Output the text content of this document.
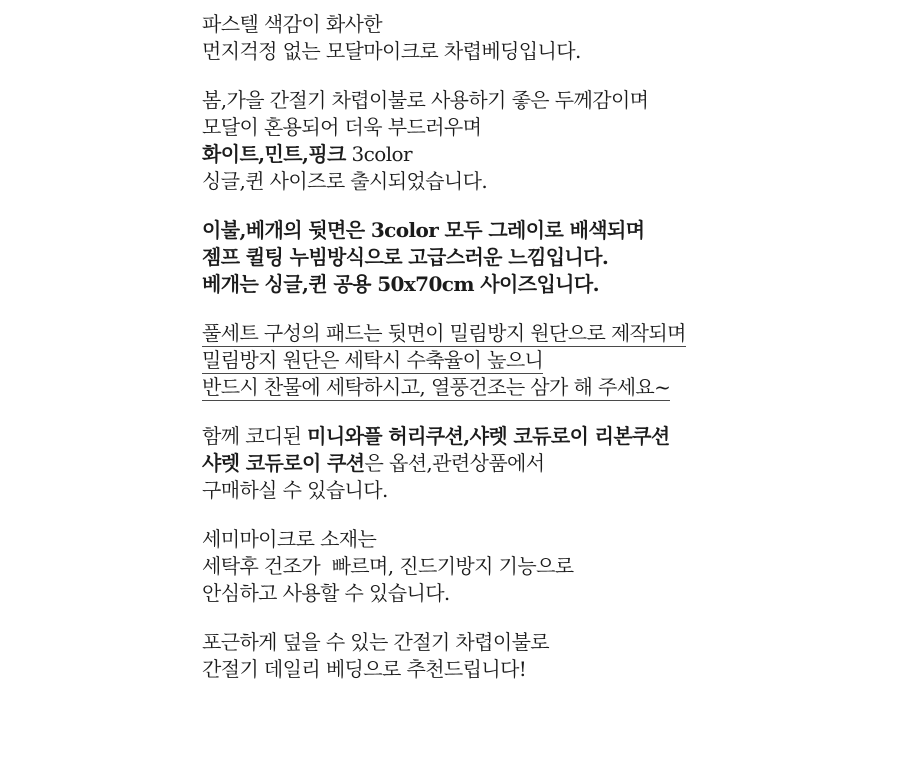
파스텔 색감이 화사한
먼지걱정 없는 모달마이크로 차렵베딩입니다.
봄,가을 간절기 차렵이불로 사용하기 좋은 두께감이며
모달이 혼용되어 더욱 부드러우며
화이트,민트,핑크 3color
싱글,퀸 사이즈로 출시되었습니다.
이불,베개의 뒷면은 3color 모두 그레이로 배색되며
젬프 퀼팅 누빔방식으로 고급스러운 느낌입니다.
베개는 싱글,퀸 공용 50x70cm 사이즈입니다.
풀세트 구성의 패드는 뒷면이 밀림방지 원단으로 제작되며
밀림방지 원단은 세탁시 수축율이 높으니
반드시 찬물에 세탁하시고, 열풍건조는 삼가 해 주세요~
함께 코디된 미니와플 허리쿠션,샤렛 코듀로이 리본쿠션
샤렛 코듀로이 쿠션은 옵션,관련상품에서
구매하실 수 있습니다.
세미마이크로 소재는
세탁후 건조가  빠르며, 진드기방지 기능으로
안심하고 사용할 수 있습니다.
포근하게 덮을 수 있는 간절기 차렵이불로
간절기 데일리 베딩으로 추천드립니다!
